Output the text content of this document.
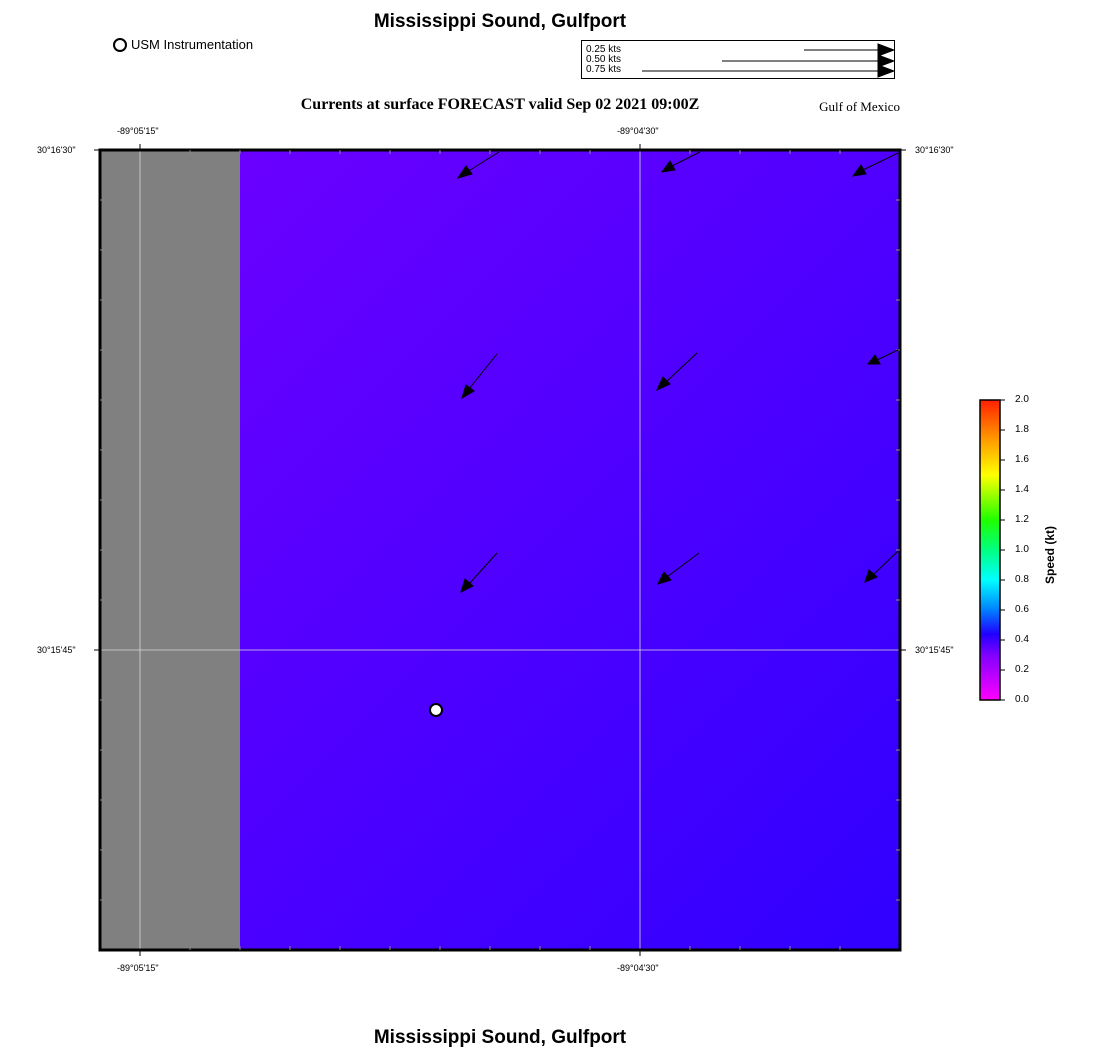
Mississippi Sound, Gulfport
Currents at surface FORECAST valid Sep 02 2021 09:00Z	Gulf of Mexico
Mississippi Sound, Gulfport
USM Instrumentation	0.25 kts
0.50 kts
0.75 kts
-89°05'15"	-89°04'30"
-89°05'15"	-89°04'30"
30°16'30"
30°15'45"
30°16'30"
30°15'45"
2.0
1.8
1.6
1.4
1.2
1.0
0.8
0.6
0.4
0.2
0.0
Speed (kt)
